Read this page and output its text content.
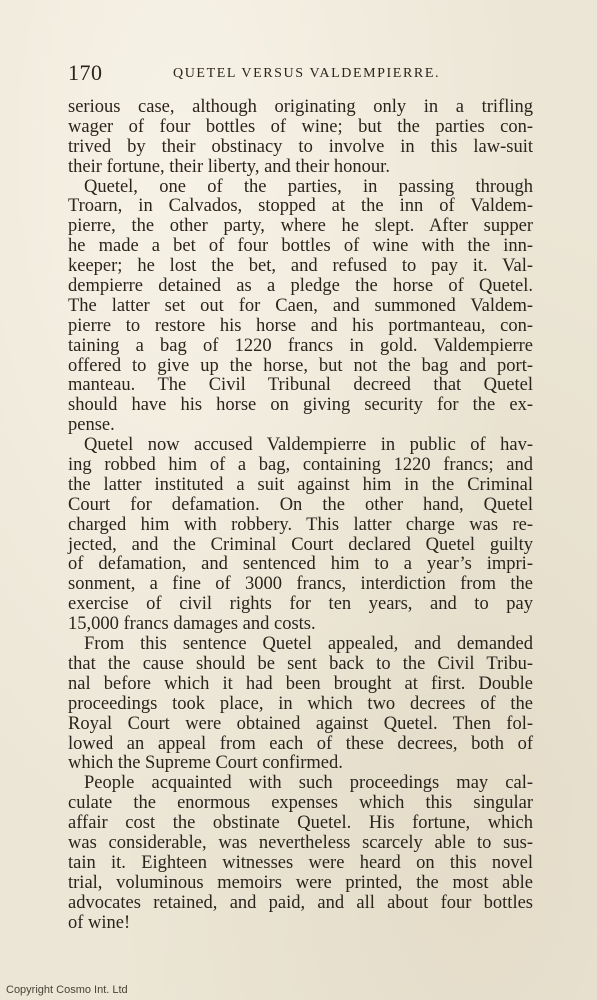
170	QUETEL VERSUS VALDEMPIERRE.
serious case, although originating only in a trifling
wager of four bottles of wine; but the parties con-
trived by their obstinacy to involve in this law-suit
their fortune, their liberty, and their honour.
Quetel, one of the parties, in passing through
Troarn, in Calvados, stopped at the inn of Valdem-
pierre, the other party, where he slept. After supper
he made a bet of four bottles of wine with the inn-
keeper; he lost the bet, and refused to pay it. Val-
dempierre detained as a pledge the horse of Quetel.
The latter set out for Caen, and summoned Valdem-
pierre to restore his horse and his portmanteau, con-
taining a bag of 1220 francs in gold. Valdempierre
offered to give up the horse, but not the bag and port-
manteau. The Civil Tribunal decreed that Quetel
should have his horse on giving security for the ex-
pense.
Quetel now accused Valdempierre in public of hav-
ing robbed him of a bag, containing 1220 francs; and
the latter instituted a suit against him in the Criminal
Court for defamation. On the other hand, Quetel
charged him with robbery. This latter charge was re-
jected, and the Criminal Court declared Quetel guilty
of defamation, and sentenced him to a year’s impri-
sonment, a fine of 3000 francs, interdiction from the
exercise of civil rights for ten years, and to pay
15,000 francs damages and costs.
From this sentence Quetel appealed, and demanded
that the cause should be sent back to the Civil Tribu-
nal before which it had been brought at first. Double
proceedings took place, in which two decrees of the
Royal Court were obtained against Quetel. Then fol-
lowed an appeal from each of these decrees, both of
which the Supreme Court confirmed.
People acquainted with such proceedings may cal-
culate the enormous expenses which this singular
affair cost the obstinate Quetel. His fortune, which
was considerable, was nevertheless scarcely able to sus-
tain it. Eighteen witnesses were heard on this novel
trial, voluminous memoirs were printed, the most able
advocates retained, and paid, and all about four bottles
of wine!
Copyright Cosmo Int. Ltd
